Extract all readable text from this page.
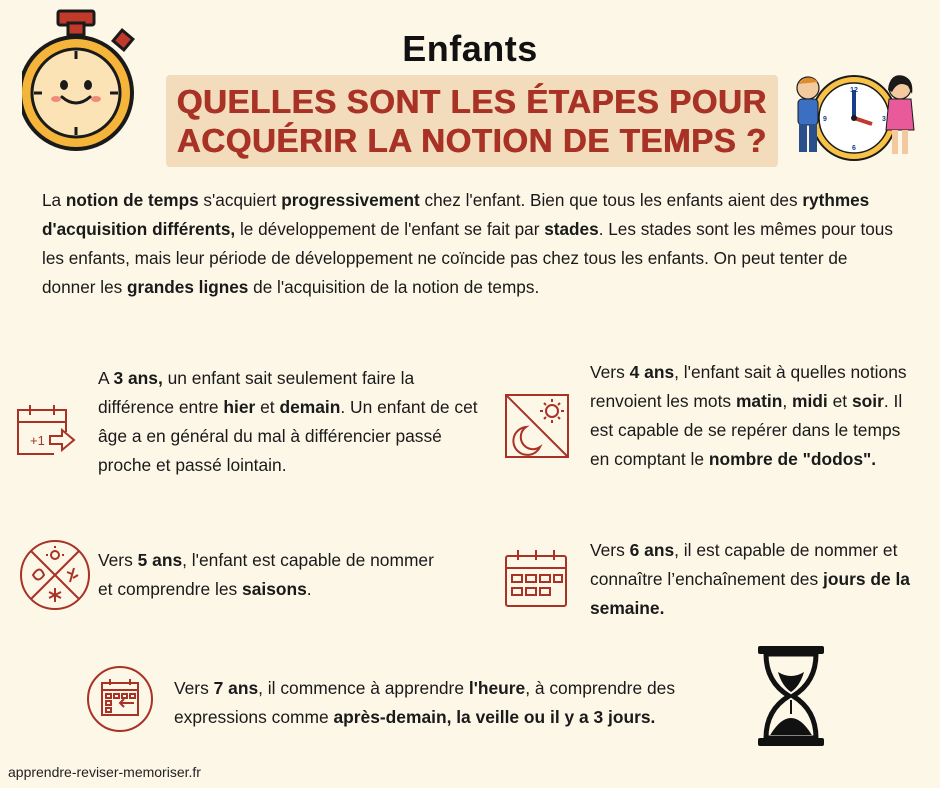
Enfants
QUELLES SONT LES ÉTAPES POUR
ACQUÉRIR LA NOTION DE TEMPS ?
12
3
6
9
La notion de temps s'acquiert progressivement chez l'enfant. Bien que tous les enfants aient des rythmes d'acquisition différents, le développement de l'enfant se fait par stades. Les stades sont les mêmes pour tous les enfants, mais leur période de développement ne coïncide pas chez tous les enfants. On peut tenter de donner les grandes lignes de l'acquisition de la notion de temps.
+1
A 3 ans, un enfant sait seulement faire la différence entre hier et demain. Un enfant de cet âge a en général du mal à différencier passé proche et passé lointain.
Vers 4 ans, l'enfant sait à quelles notions renvoient les mots matin, midi et soir. Il est capable de se repérer dans le temps en comptant le nombre de "dodos".
Vers 5 ans, l'enfant est capable de nommer et comprendre les saisons.
Vers 6 ans, il est capable de nommer et connaître l’enchaînement des jours de la semaine.
Vers 7 ans, il commence à apprendre l'heure, à comprendre des expressions comme après-demain, la veille ou il y a 3 jours.
apprendre-reviser-memoriser.fr
